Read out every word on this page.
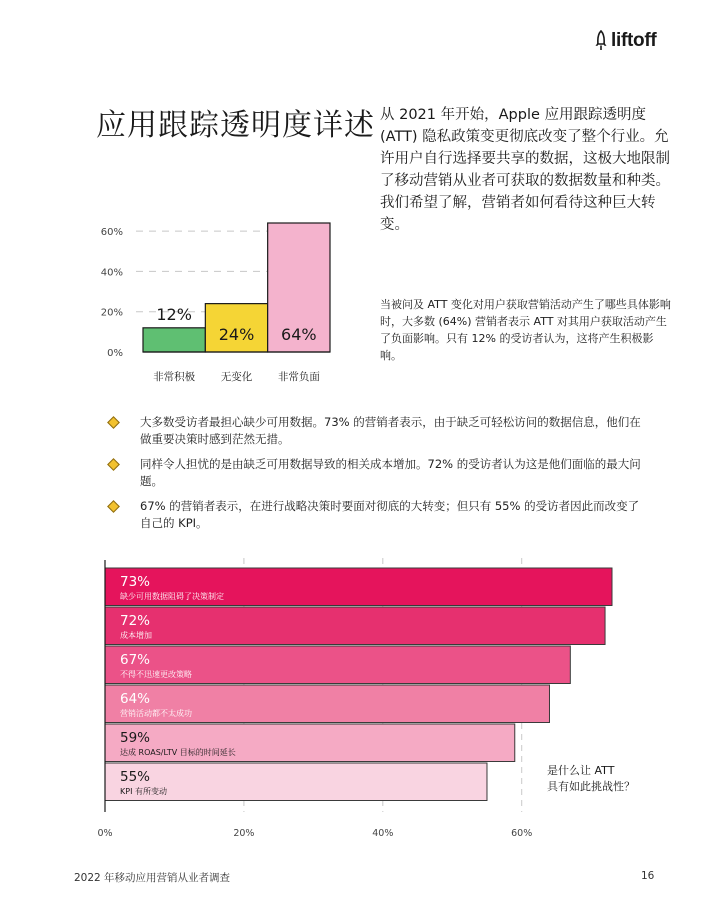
liftoff
应用跟踪透明度详述 从 2021 年开始，Apple 应用跟踪透明度 (ATT) 隐私政策变更彻底改变了整个行业。允许用户自行选择要共享的数据，这极大地限制了移动营销从业者可获取的数据数量和种类。我们希望了解，营销者如何看待这种巨大转变。

0%
20%
40%
60%
12%
非常积极
24%
无变化
64%
非常负面

当被问及 ATT 变化对用户获取营销活动产生了哪些具体影响时，大多数 (64%) 营销者表示 ATT 对其用户获取活动产生了负面影响。只有 12% 的受访者认为，这将产生积极影响。

大多数受访者最担心缺少可用数据。73% 的营销者表示，由于缺乏可轻松访问的数据信息，他们在做重要决策时感到茫然无措。
同样令人担忧的是由缺乏可用数据导致的相关成本增加。72% 的受访者认为这是他们面临的最大问题。
67% 的营销者表示，在进行战略决策时要面对彻底的大转变；但只有 55% 的受访者因此而改变了自己的 KPI。
0%	20%	40%	60%
73%
缺少可用数据阻碍了决策制定
72%
成本增加
67%
不得不迅速更改策略
64%
营销活动都不太成功
59%
达成 ROAS/LTV 目标的时间延长
55%
KPI 有所变动
是什么让 ATT
具有如此挑战性？
2022 年移动应用营销从业者调查	16
